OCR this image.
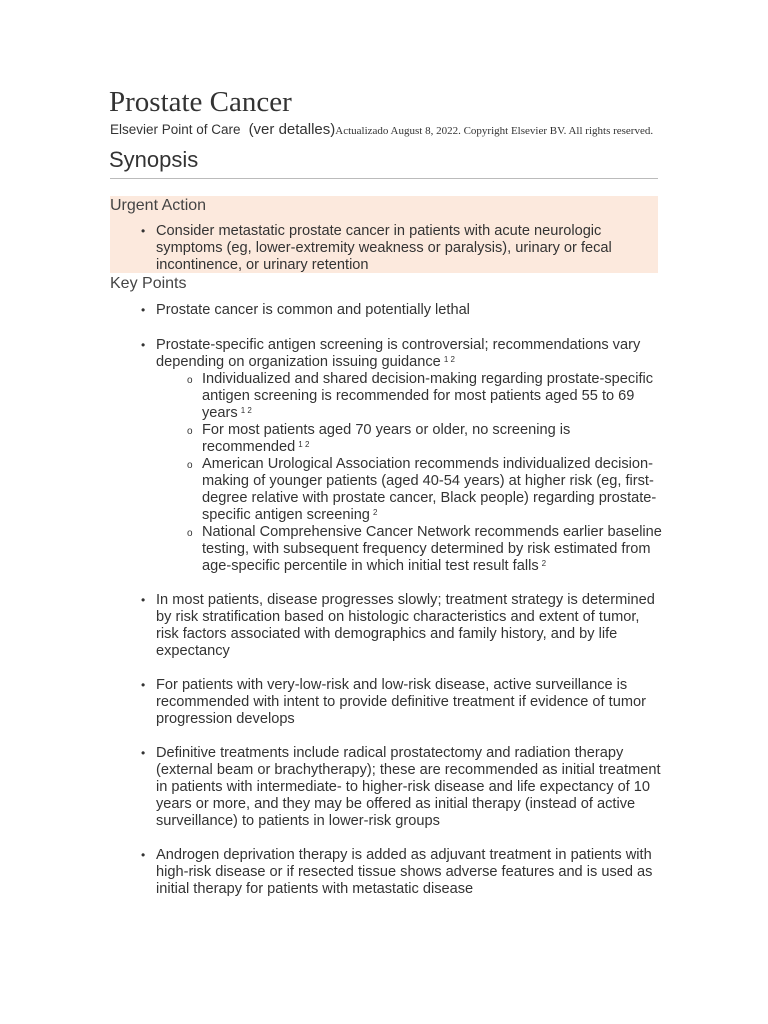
Prostate Cancer
Elsevier Point of Care (ver detalles)Actualizado August 8, 2022. Copyright Elsevier BV. All rights reserved.
Synopsis
Urgent Action
• Consider metastatic prostate cancer in patients with acute neurologic symptoms (eg, lower-extremity weakness or paralysis), urinary or fecal incontinence, or urinary retention
Key Points
• Prostate cancer is common and potentially lethal
• Prostate-specific antigen screening is controversial; recommendations vary depending on organization issuing guidance $^{1 2}$
o Individualized and shared decision-making regarding prostate-specific antigen screening is recommended for most patients aged 55 to 69 years $^{1 2}$
o For most patients aged 70 years or older, no screening is recommended $^{1 2}$
o American Urological Association recommends individualized decision-making of younger patients (aged 40-54 years) at higher risk (eg, first-degree relative with prostate cancer, Black people) regarding prostate-specific antigen screening $^2$
o National Comprehensive Cancer Network recommends earlier baseline testing, with subsequent frequency determined by risk estimated from age-specific percentile in which initial test result falls $^2$
• In most patients, disease progresses slowly; treatment strategy is determined by risk stratification based on histologic characteristics and extent of tumor, risk factors associated with demographics and family history, and by life expectancy
• For patients with very-low-risk and low-risk disease, active surveillance is recommended with intent to provide definitive treatment if evidence of tumor progression develops
• Definitive treatments include radical prostatectomy and radiation therapy (external beam or brachytherapy); these are recommended as initial treatment in patients with intermediate- to higher-risk disease and life expectancy of 10 years or more, and they may be offered as initial therapy (instead of active surveillance) to patients in lower-risk groups
• Androgen deprivation therapy is added as adjuvant treatment in patients with high-risk disease or if resected tissue shows adverse features and is used as initial therapy for patients with metastatic disease
